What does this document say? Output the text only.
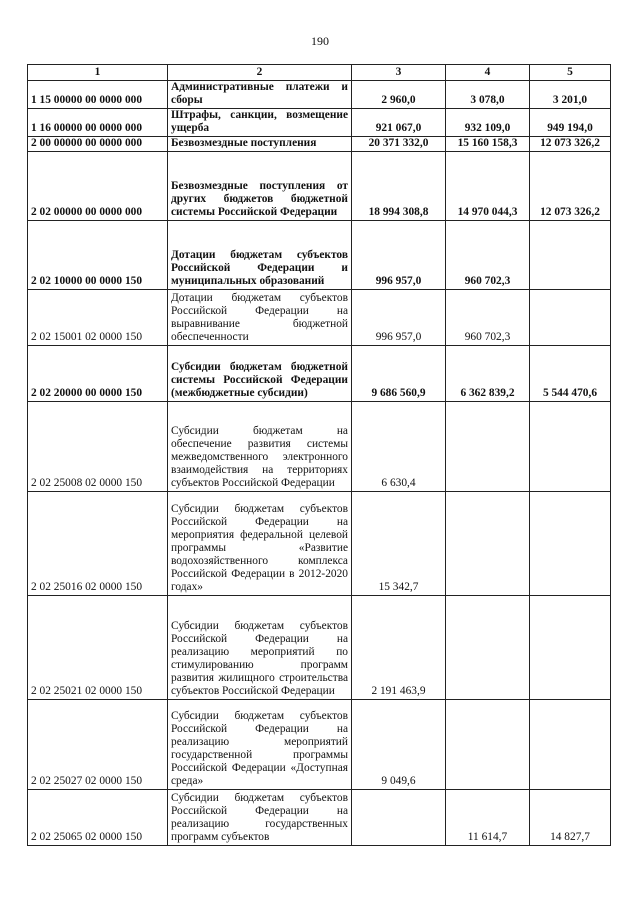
190
1	2	3	4	5
1 15 00000 00 0000 000	Административные платежи и сборы	2 960,0	3 078,0	3 201,0
1 16 00000 00 0000 000	Штрафы, санкции, возмещение ущерба	921 067,0	932 109,0	949 194,0
2 00 00000 00 0000 000	Безвозмездные поступления	20 371 332,0	15 160 158,3	12 073 326,2
2 02 00000 00 0000 000	Безвозмездные поступления от других бюджетов бюджетной системы Российской Федерации	18 994 308,8	14 970 044,3	12 073 326,2
2 02 10000 00 0000 150	Дотации бюджетам субъектов Российской Федерации и муниципальных образований	996 957,0	960 702,3	
2 02 15001 02 0000 150	Дотации бюджетам субъектов Российской Федерации на выравнивание бюджетной обеспеченности	996 957,0	960 702,3	
2 02 20000 00 0000 150	Субсидии бюджетам бюджетной системы Российской Федерации (межбюджетные субсидии)	9 686 560,9	6 362 839,2	5 544 470,6
2 02 25008 02 0000 150	Субсидии бюджетам на обеспечение развития системы межведомственного электронного взаимодействия на территориях субъектов Российской Федерации	6 630,4		
2 02 25016 02 0000 150	Субсидии бюджетам субъектов Российской Федерации на мероприятия федеральной целевой программы «Развитие водохозяйственного комплекса Российской Федерации в 2012-2020 годах»	15 342,7		
2 02 25021 02 0000 150	Субсидии бюджетам субъектов Российской Федерации на реализацию мероприятий по стимулированию программ развития жилищного строительства субъектов Российской Федерации	2 191 463,9		
2 02 25027 02 0000 150	Субсидии бюджетам субъектов Российской Федерации на реализацию мероприятий государственной программы Российской Федерации «Доступная среда»	9 049,6		
2 02 25065 02 0000 150	Субсидии бюджетам субъектов Российской Федерации на реализацию государственных программ субъектов		11 614,7	14 827,7
